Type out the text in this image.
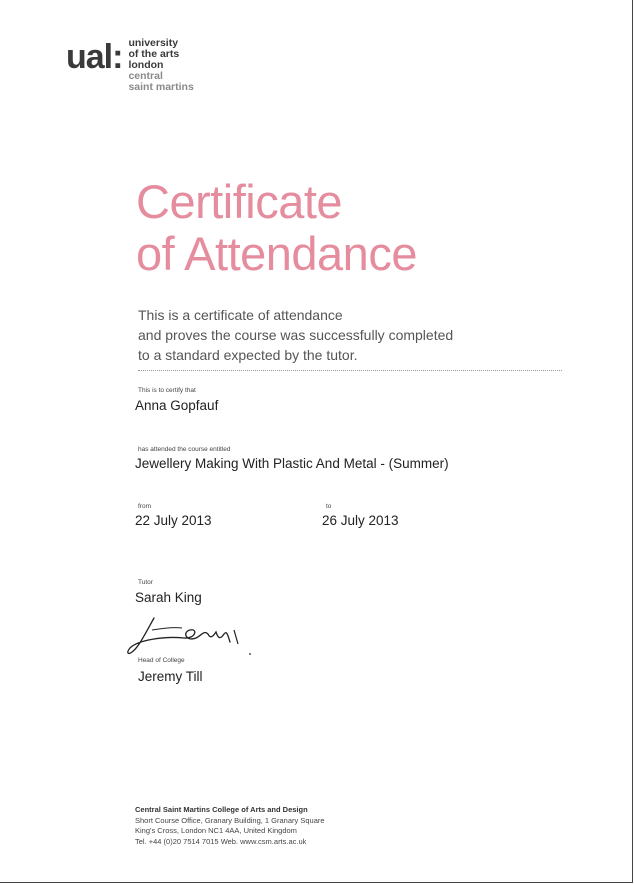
ual: university
of the arts
london
central
saint martins
Certificate
of Attendance
This is a certificate of attendance
and proves the course was successfully completed
to a standard expected by the tutor.
This is to certify that
Anna Gopfauf
has attended the course entitled
Jewellery Making With Plastic And Metal - (Summer)
from
22 July 2013
to
26 July 2013
Tutor
Sarah King
Head of College
Jeremy Till
Central Saint Martins College of Arts and Design
Short Course Office, Granary Building, 1 Granary Square
King's Cross, London NC1 4AA, United Kingdom
Tel. +44 (0)20 7514 7015 Web. www.csm.arts.ac.uk
